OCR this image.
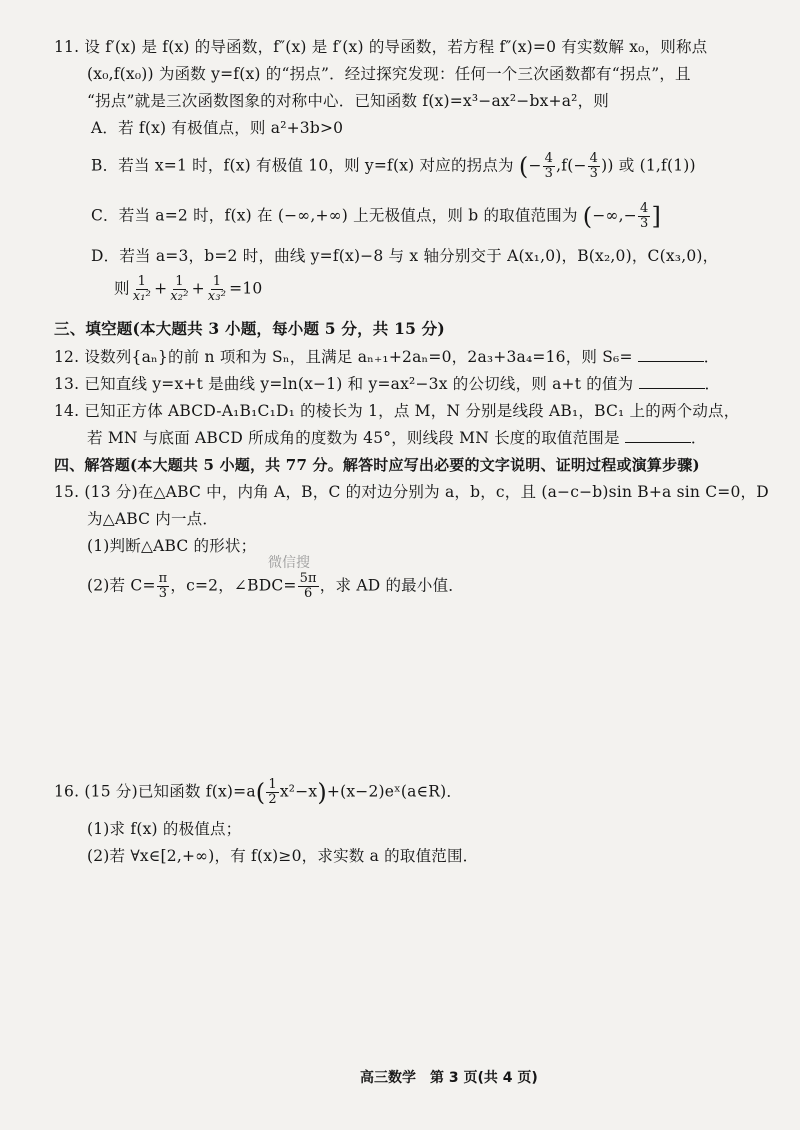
11. 设 f′(x) 是 f(x) 的导函数，f″(x) 是 f′(x) 的导函数，若方程 f″(x)=0 有实数解 x₀，则称点
(x₀,f(x₀)) 为函数 y=f(x) 的“拐点”．经过探究发现：任何一个三次函数都有“拐点”，且
“拐点”就是三次函数图象的对称中心．已知函数 f(x)=x³−ax²−bx+a²，则
A．若 f(x) 有极值点，则 a²+3b>0
B．若当 x=1 时，f(x) 有极值 10，则 y=f(x) 对应的拐点为 (− $\frac{4}{3} ,f(- \frac{4}{3}$ )) 或 (1,f(1))
C．若当 a=2 时，f(x) 在 (−∞,+∞) 上无极值点，则 b 的取值范围为 (−∞,− $\frac{4}{3}$ ]
D．若当 a=3，b=2 时，曲线 y=f(x)−8 与 x 轴分别交于 A(x₁,0)，B(x₂,0)，C(x₃,0)，
则 $\frac{1}{\text{x₁²}} + \frac{1}{\text{x₂²}} + \frac{1}{\text{x₃²}} =10$
三、填空题(本大题共 3 小题，每小题 5 分，共 15 分)
12. 设数列{aₙ}的前 n 项和为 Sₙ，且满足 aₙ₊₁+2aₙ=0，2a₃+3a₄=16，则 S₆=	．
13. 已知直线 y=x+t 是曲线 y=ln(x−1) 和 y=ax²−3x 的公切线，则 a+t 的值为	．
14. 已知正方体 ABCD-A₁B₁C₁D₁ 的棱长为 1，点 M，N 分别是线段 AB₁，BC₁ 上的两个动点，
若 MN 与底面 ABCD 所成角的度数为 45°，则线段 MN 长度的取值范围是	．
四、解答题(本大题共 5 小题，共 77 分。解答时应写出必要的文字说明、证明过程或演算步骤)
15. (13 分)在△ABC 中，内角 A，B，C 的对边分别为 a，b，c，且 (a−c−b)sin B+a sin C=0，D
为△ABC 内一点．
(1)判断△ABC 的形状；
微信搜
(2)若 $C= \frac{\pi}{3}$ ，c=2，∠BDC= $\frac{5\pi}{6}$ ，求 AD 的最小值．
16. (15 分)已知函数 $f(x)=a( \frac{1}{2}$ x²−x)+(x−2)eˣ(a∈R)．
(1)求 f(x) 的极值点；
(2)若 ∀x∈[2,+∞)，有 f(x)≥0，求实数 a 的取值范围．
高三数学　第 3 页(共 4 页)
